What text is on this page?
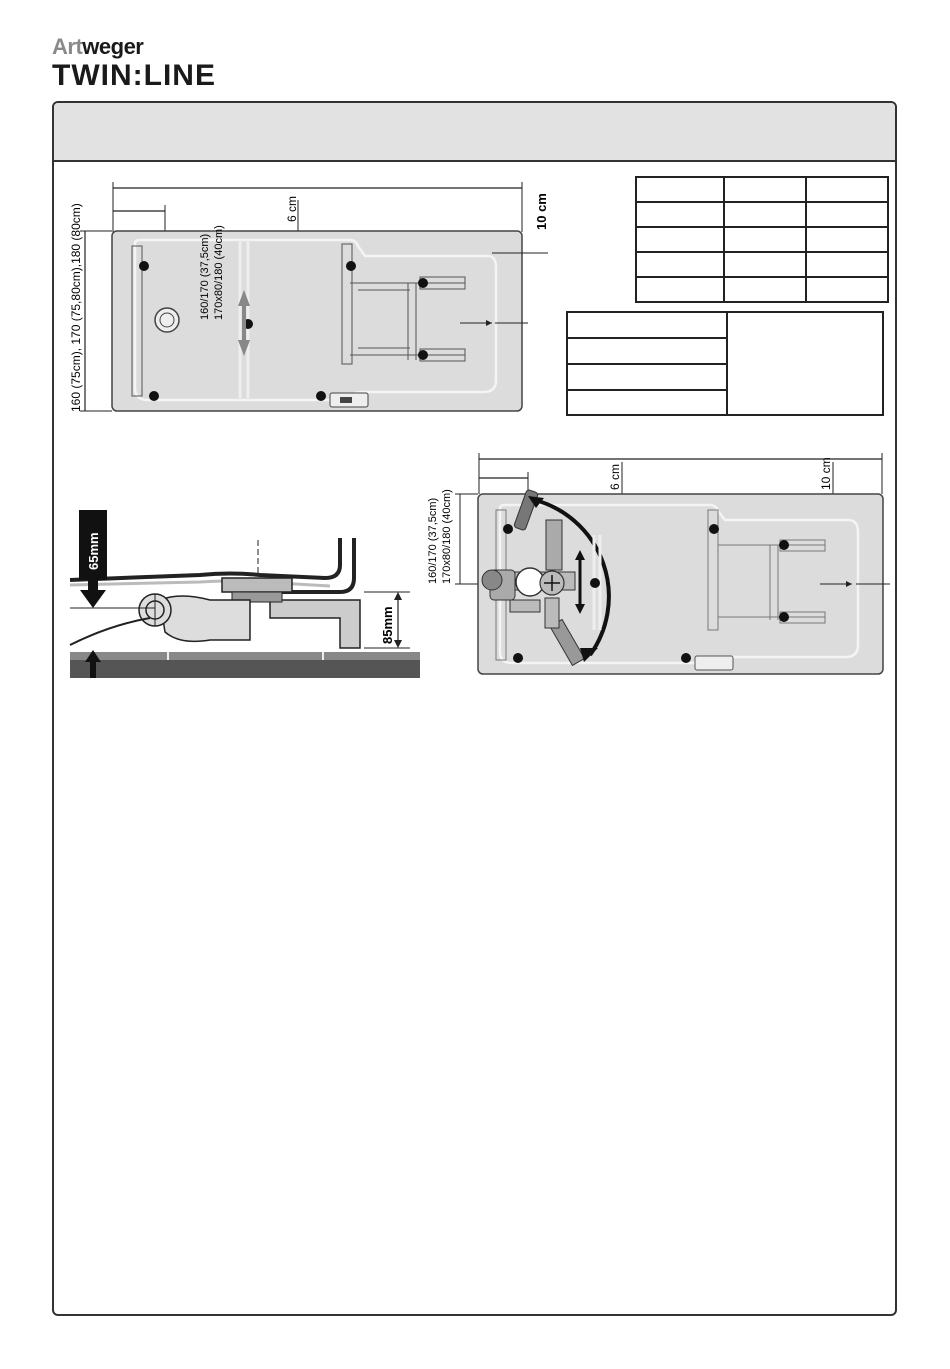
Artweger
TWIN:LINE
6 cm	10 cm
160 (75cm), 170 (75,80cm),180 (80cm)	160/170 (37,5cm) 170x80/180 (40cm)

65mm
85mm
6 cm	10 cm
160/170 (37,5cm) 170x80/180 (40cm)
